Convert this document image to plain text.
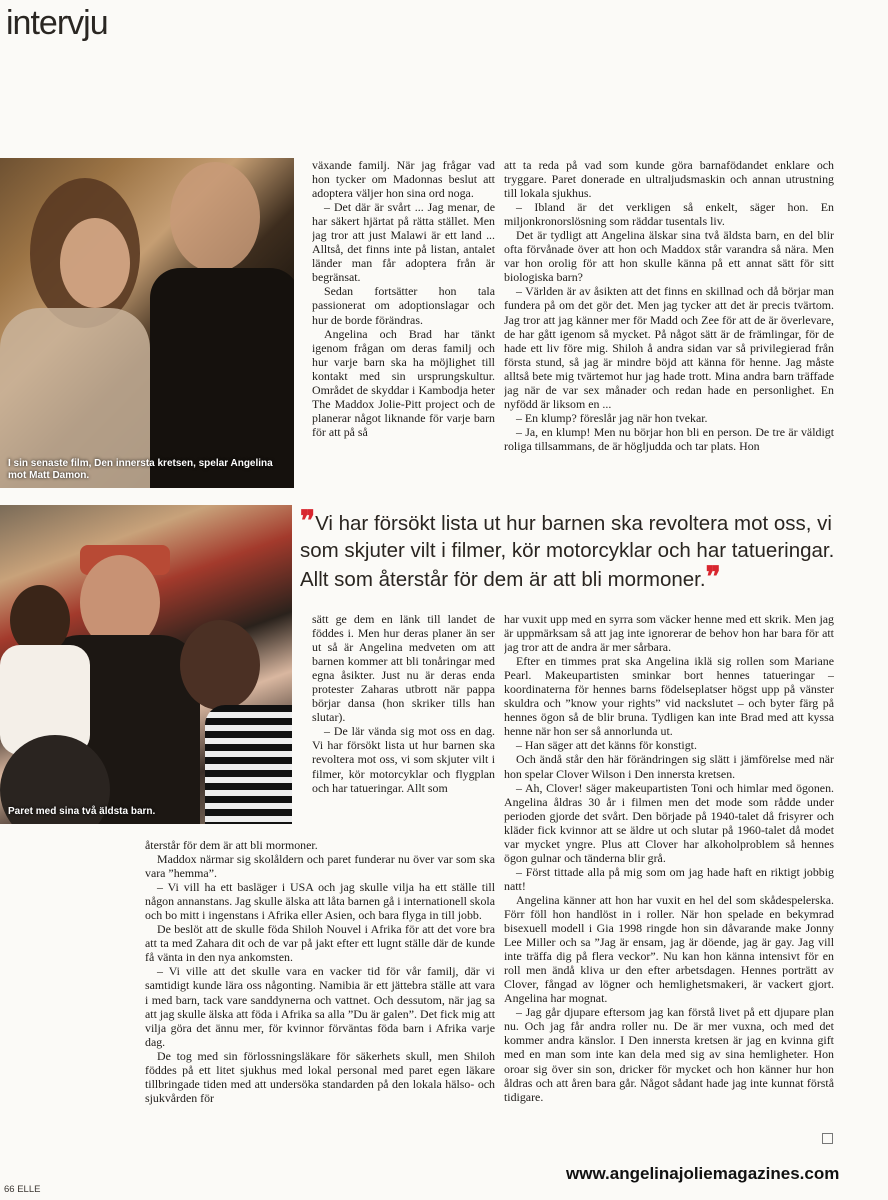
intervju
I sin senaste film, Den innersta kretsen, spelar Angelina mot Matt Damon.
Paret med sina två äldsta barn.

växande familj. När jag frågar vad hon tycker om Madonnas beslut att adoptera väljer hon sina ord noga.

– Det där är svårt ... Jag menar, de har säkert hjärtat på rätta stället. Men jag tror att just Malawi är ett land ... Alltså, det finns inte på listan, antalet länder man får adoptera från är begränsat.

Sedan fortsätter hon tala passionerat om adoptionslagar och hur de borde förändras.

Angelina och Brad har tänkt igenom frågan om deras familj och hur varje barn ska ha möjlighet till kontakt med sin ursprungskultur. Området de skyddar i Kambodja heter The Maddox Jolie-Pitt project och de planerar något liknande för varje barn för att på så

att ta reda på vad som kunde göra barnafödandet enklare och tryggare. Paret donerade en ultraljudsmaskin och annan utrustning till lokala sjukhus.

– Ibland är det verkligen så enkelt, säger hon. En miljonkronorslösning som räddar tusentals liv.

Det är tydligt att Angelina älskar sina två äldsta barn, en del blir ofta förvånade över att hon och Maddox står varandra så nära. Men var hon orolig för att hon skulle känna på ett annat sätt för sitt biologiska barn?

– Världen är av åsikten att det finns en skillnad och då börjar man fundera på om det gör det. Men jag tycker att det är precis tvärtom. Jag tror att jag känner mer för Madd och Zee för att de är överlevare, de har gått igenom så mycket. På något sätt är de främlingar, för de hade ett liv före mig. Shiloh å andra sidan var så privilegierad från första stund, så jag är mindre böjd att känna för henne. Jag måste alltså bete mig tvärtemot hur jag hade trott. Mina andra barn träffade jag när de var sex månader och redan hade en personlighet. En nyfödd är liksom en ...

– En klump? föreslår jag när hon tvekar.

– Ja, en klump! Men nu börjar hon bli en person. De tre är väldigt roliga tillsammans, de är högljudda och tar plats. Hon

❞Vi har försökt lista ut hur barnen ska revoltera mot oss, vi som skjuter vilt i filmer, kör motorcyklar och har tatueringar. Allt som återstår för dem är att bli mormoner.❞

sätt ge dem en länk till landet de föddes i. Men hur deras planer än ser ut så är Angelina medveten om att barnen kommer att bli tonåringar med egna åsikter. Just nu är deras enda protester Zaharas utbrott när pappa börjar dansa (hon skriker tills han slutar).

– De lär vända sig mot oss en dag. Vi har försökt lista ut hur barnen ska revoltera mot oss, vi som skjuter vilt i filmer, kör motorcyklar och flygplan och har tatueringar. Allt som

återstår för dem är att bli mormoner.

Maddox närmar sig skolåldern och paret funderar nu över var som ska vara ”hemma”.

– Vi vill ha ett basläger i USA och jag skulle vilja ha ett ställe till någon annanstans. Jag skulle älska att låta barnen gå i internationell skola och bo mitt i ingenstans i Afrika eller Asien, och bara flyga in till jobb.

De beslöt att de skulle föda Shiloh Nouvel i Afrika för att det vore bra att ta med Zahara dit och de var på jakt efter ett lugnt ställe där de kunde få vänta in den nya ankomsten.

– Vi ville att det skulle vara en vacker tid för vår familj, där vi samtidigt kunde lära oss någonting. Namibia är ett jättebra ställe att vara i med barn, tack vare sanddynerna och vattnet. Och dessutom, när jag sa att jag skulle älska att föda i Afrika sa alla ”Du är galen”. Det fick mig att vilja göra det ännu mer, för kvinnor förväntas föda barn i Afrika varje dag.

De tog med sin förlossningsläkare för säkerhets skull, men Shiloh föddes på ett litet sjukhus med lokal personal med paret egen läkare tillbringade tiden med att undersöka standarden på den lokala hälso- och sjukvården för

har vuxit upp med en syrra som väcker henne med ett skrik. Men jag är uppmärksam så att jag inte ignorerar de behov hon har bara för att jag tror att de andra är mer sårbara.

Efter en timmes prat ska Angelina iklä sig rollen som Mariane Pearl. Makeupartisten sminkar bort hennes tatueringar – koordinaterna för hennes barns födelseplatser högst upp på vänster skuldra och ”know your rights” vid nackslutet – och byter färg på hennes ögon så de blir bruna. Tydligen kan inte Brad med att kyssa henne när hon ser så annorlunda ut.

– Han säger att det känns för konstigt.

Och ändå står den här förändringen sig slätt i jämförelse med när hon spelar Clover Wilson i Den innersta kretsen.

– Ah, Clover! säger makeupartisten Toni och himlar med ögonen. Angelina åldras 30 år i filmen men det mode som rådde under perioden gjorde det svårt. Den började på 1940-talet då frisyrer och kläder fick kvinnor att se äldre ut och slutar på 1960-talet då modet var mycket yngre. Plus att Clover har alkoholproblem så hennes ögon gulnar och tänderna blir grå.

– Först tittade alla på mig som om jag hade haft en riktigt jobbig natt!

Angelina känner att hon har vuxit en hel del som skådespelerska. Förr föll hon handlöst in i roller. När hon spelade en bekymrad bisexuell modell i Gia 1998 ringde hon sin dåvarande make Jonny Lee Miller och sa ”Jag är ensam, jag är döende, jag är gay. Jag vill inte träffa dig på flera veckor”. Nu kan hon känna intensivt för en roll men ändå kliva ur den efter arbetsdagen. Hennes porträtt av Clover, fångad av lögner och hemlighetsmakeri, är vackert gjort. Angelina har mognat.

– Jag går djupare eftersom jag kan förstå livet på ett djupare plan nu. Och jag får andra roller nu. De är mer vuxna, och med det kommer andra känslor. I Den innersta kretsen är jag en kvinna gift med en man som inte kan dela med sig av sina hemligheter. Hon oroar sig över sin son, dricker för mycket och hon känner hur hon åldras och att åren bara går. Något sådant hade jag inte kunnat förstå tidigare.

66 ELLE
www.angelinajoliemagazines.com
